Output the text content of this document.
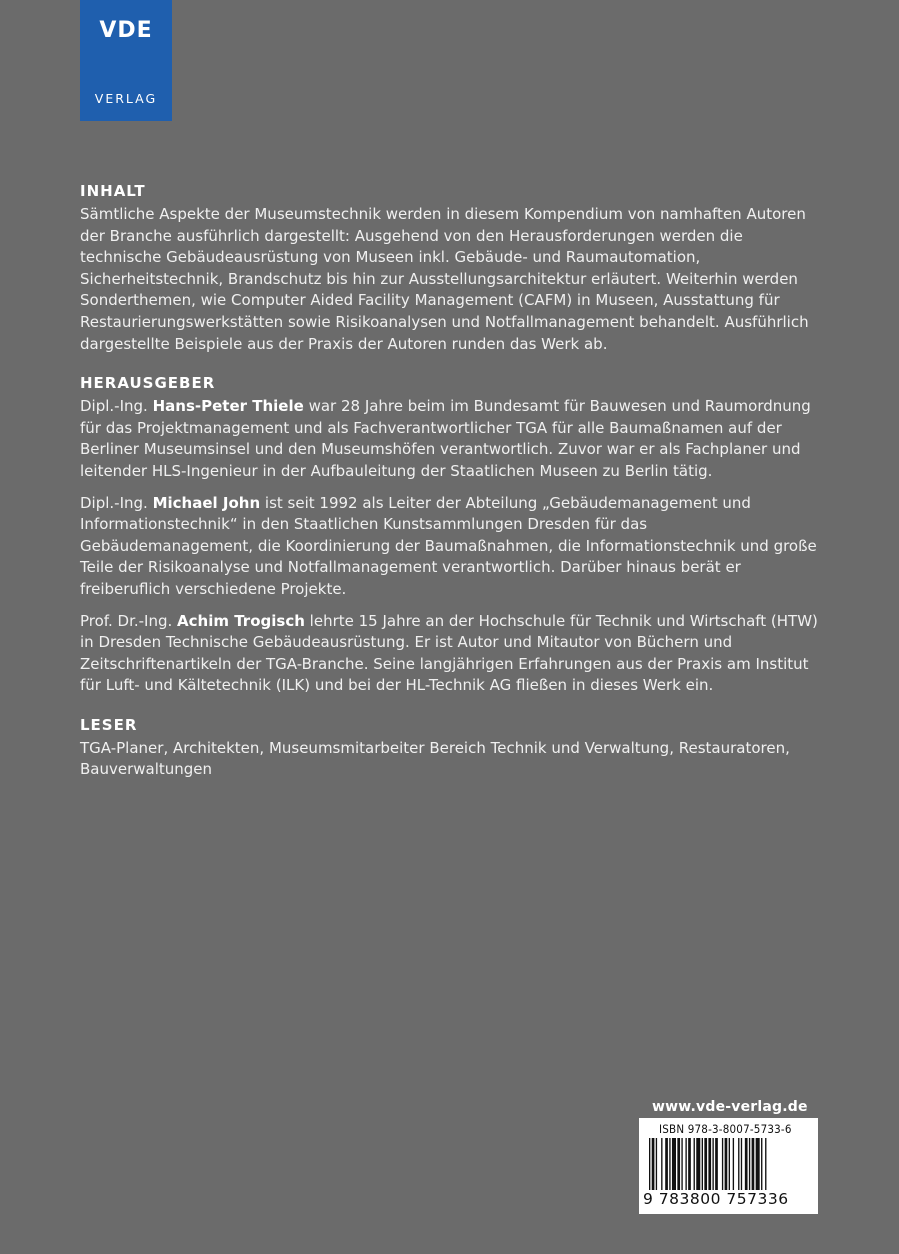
VDE
VERLAG
INHALT

Sämtliche Aspekte der Museumstechnik werden in diesem Kompendium von namhaften Autoren der Branche ausführlich dargestellt: Ausgehend von den Herausforderungen werden die technische Gebäudeausrüstung von Museen inkl. Gebäude- und Raumautomation, Sicherheitstechnik, Brandschutz bis hin zur Ausstellungsarchitektur erläutert. Weiterhin werden Sonderthemen, wie Computer Aided Facility Management (CAFM) in Museen, Ausstattung für Restaurierungswerkstätten sowie Risikoanalysen und Notfallmanagement behandelt. Ausführlich dargestellte Beispiele aus der Praxis der Autoren runden das Werk ab.

HERAUSGEBER

Dipl.-Ing. Hans-Peter Thiele war 28 Jahre beim im Bundesamt für Bauwesen und Raumordnung für das Projektmanagement und als Fachverantwortlicher TGA für alle Baumaßnamen auf der Berliner Museumsinsel und den Museumshöfen verantwortlich. Zuvor war er als Fachplaner und leitender HLS-Ingenieur in der Aufbauleitung der Staatlichen Museen zu Berlin tätig.

Dipl.-Ing. Michael John ist seit 1992 als Leiter der Abteilung „Gebäudemanagement und Informationstechnik“ in den Staatlichen Kunstsammlungen Dresden für das Gebäudemanagement, die Koordinierung der Baumaßnahmen, die Informationstechnik und große Teile der Risikoanalyse und Notfallmanagement verantwortlich. Darüber hinaus berät er freiberuflich verschiedene Projekte.

Prof. Dr.-Ing. Achim Trogisch lehrte 15 Jahre an der Hochschule für Technik und Wirtschaft (HTW) in Dresden Technische Gebäudeausrüstung. Er ist Autor und Mitautor von Büchern und Zeitschriftenartikeln der TGA-Branche. Seine langjährigen Erfahrungen aus der Praxis am Institut für Luft- und Kältetechnik (ILK) und bei der HL-Technik AG fließen in dieses Werk ein.

LESER

TGA-Planer, Architekten, Museumsmitarbeiter Bereich Technik und Verwaltung, Restauratoren, Bauverwaltungen

www.vde-verlag.de
ISBN 978-3-8007-5733-6
9 783800 757336
